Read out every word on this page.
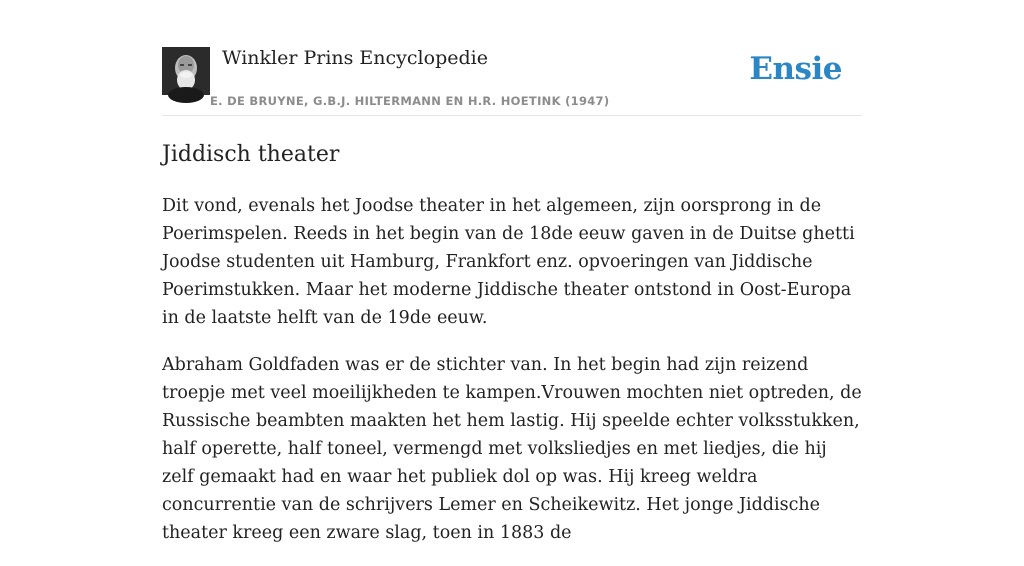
Winkler Prins Encyclopedie
E. DE BRUYNE, G.B.J. HILTERMANN EN H.R. HOETINK (1947)
Ensie
Jiddisch theater

Dit vond, evenals het Joodse theater in het algemeen, zijn oorsprong in de Poerimspelen. Reeds in het begin van de 18de eeuw gaven in de Duitse ghetti Joodse studenten uit Hamburg, Frankfort enz. opvoeringen van Jiddische Poerimstukken. Maar het moderne Jiddische theater ontstond in Oost-Europa in de laatste helft van de 19de eeuw.

Abraham Goldfaden was er de stichter van. In het begin had zijn reizend troepje met veel moeilijkheden te kampen.Vrouwen mochten niet optreden, de Russische beambten maakten het hem lastig. Hij speelde echter volksstukken, half operette, half toneel, vermengd met volksliedjes en met liedjes, die hij zelf gemaakt had en waar het publiek dol op was. Hij kreeg weldra concurrentie van de schrijvers Lemer en Scheikewitz. Het jonge Jiddische theater kreeg een zware slag, toen in 1883 de
